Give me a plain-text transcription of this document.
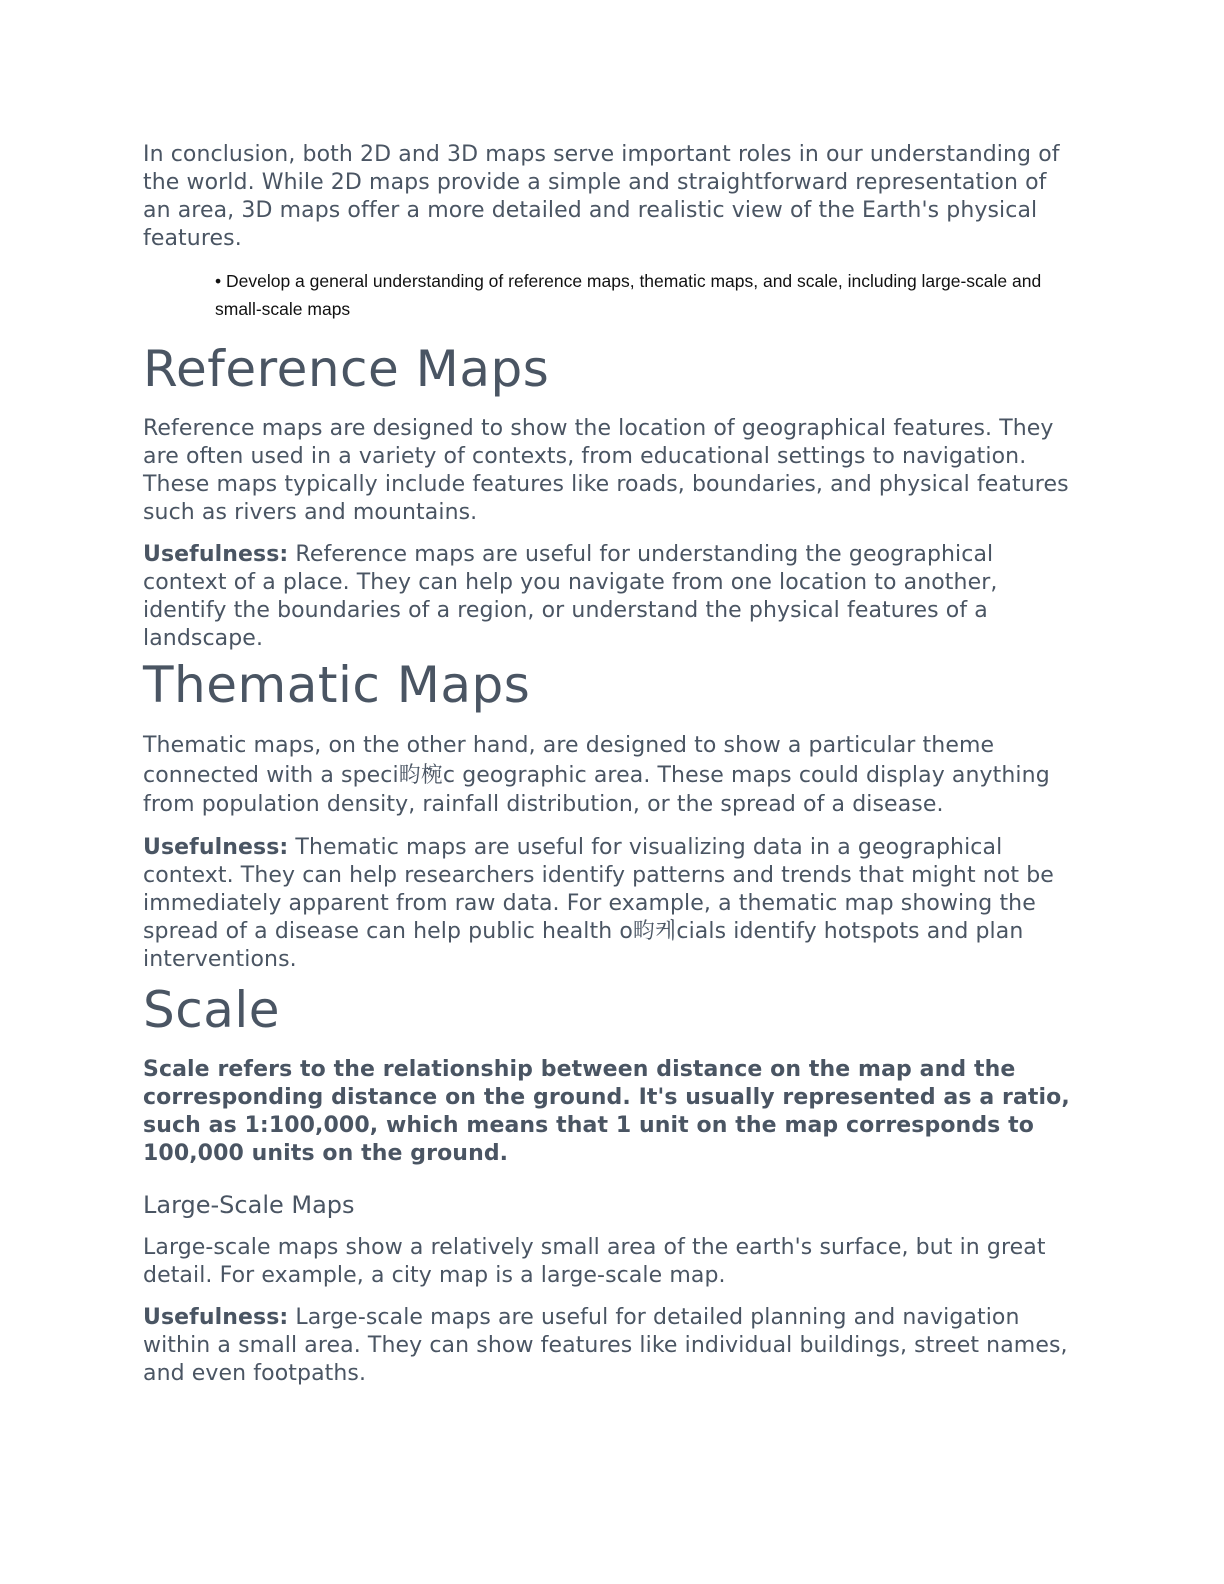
In conclusion, both 2D and 3D maps serve important roles in our understanding of the world. While 2D maps provide a simple and straightforward representation of an area, 3D maps offer a more detailed and realistic view of the Earth's physical features.

• Develop a general understanding of reference maps, thematic maps, and scale, including large-scale and small-scale maps

Reference Maps

Reference maps are designed to show the location of geographical features. They are often used in a variety of contexts, from educational settings to navigation. These maps typically include features like roads, boundaries, and physical features such as rivers and mountains.

Usefulness: Reference maps are useful for understanding the geographical context of a place. They can help you navigate from one location to another, identify the boundaries of a region, or understand the physical features of a landscape.

Thematic Maps

Thematic maps, on the other hand, are designed to show a particular theme connected with a speci畇椀c geographic area. These maps could display anything from population density, rainfall distribution, or the spread of a disease.

Usefulness: Thematic maps are useful for visualizing data in a geographical context. They can help researchers identify patterns and trends that might not be immediately apparent from raw data. For example, a thematic map showing the spread of a disease can help public health o畇케cials identify hotspots and plan interventions.

Scale

Scale refers to the relationship between distance on the map and the corresponding distance on the ground. It's usually represented as a ratio, such as 1:100,000, which means that 1 unit on the map corresponds to 100,000 units on the ground.

Large-Scale Maps

Large-scale maps show a relatively small area of the earth's surface, but in great detail. For example, a city map is a large-scale map.

Usefulness: Large-scale maps are useful for detailed planning and navigation within a small area. They can show features like individual buildings, street names, and even footpaths.
